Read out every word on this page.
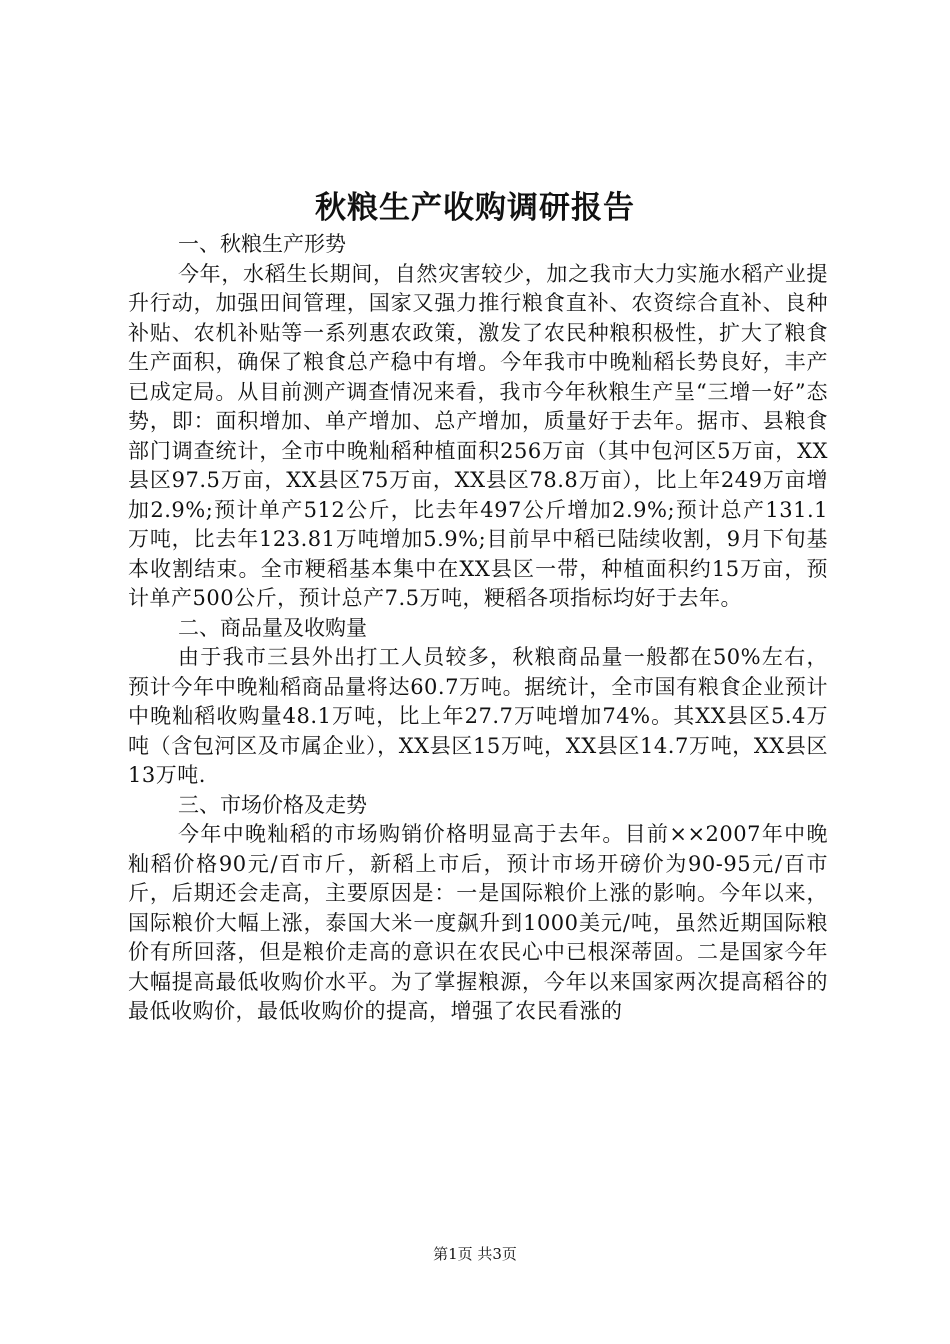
秋粮生产收购调研报告

一、秋粮生产形势

今年，水稻生长期间，自然灾害较少，加之我市大力实施水稻产业提升行动，加强田间管理，国家又强力推行粮食直补、农资综合直补、良种补贴、农机补贴等一系列惠农政策，激发了农民种粮积极性，扩大了粮食生产面积，确保了粮食总产稳中有增。今年我市中晚籼稻长势良好，丰产已成定局。从目前测产调查情况来看，我市今年秋粮生产呈“三增一好”态势，即：面积增加、单产增加、总产增加，质量好于去年。据市、县粮食部门调查统计，全市中晚籼稻种植面积256万亩（其中包河区5万亩，XX县区97.5万亩，XX县区75万亩，XX县区78.8万亩），比上年249万亩增加2.9%;预计单产512公斤，比去年497公斤增加2.9%;预计总产131.1万吨，比去年123.81万吨增加5.9%;目前早中稻已陆续收割，9月下旬基本收割结束。全市粳稻基本集中在XX县区一带，种植面积约15万亩，预计单产500公斤，预计总产7.5万吨，粳稻各项指标均好于去年。

二、商品量及收购量

由于我市三县外出打工人员较多，秋粮商品量一般都在50%左右，预计今年中晚籼稻商品量将达60.7万吨。据统计，全市国有粮食企业预计中晚籼稻收购量48.1万吨，比上年27.7万吨增加74%。其XX县区5.4万吨（含包河区及市属企业），XX县区15万吨，XX县区14.7万吨，XX县区13万吨.

三、市场价格及走势

今年中晚籼稻的市场购销价格明显高于去年。目前××2007年中晚籼稻价格90元/百市斤，新稻上市后，预计市场开磅价为90-95元/百市斤，后期还会走高，主要原因是：一是国际粮价上涨的影响。今年以来，国际粮价大幅上涨，泰国大米一度飙升到1000美元/吨，虽然近期国际粮价有所回落，但是粮价走高的意识在农民心中已根深蒂固。二是国家今年大幅提高最低收购价水平。为了掌握粮源，今年以来国家两次提高稻谷的最低收购价，最低收购价的提高，增强了农民看涨的

第1页 共3页
